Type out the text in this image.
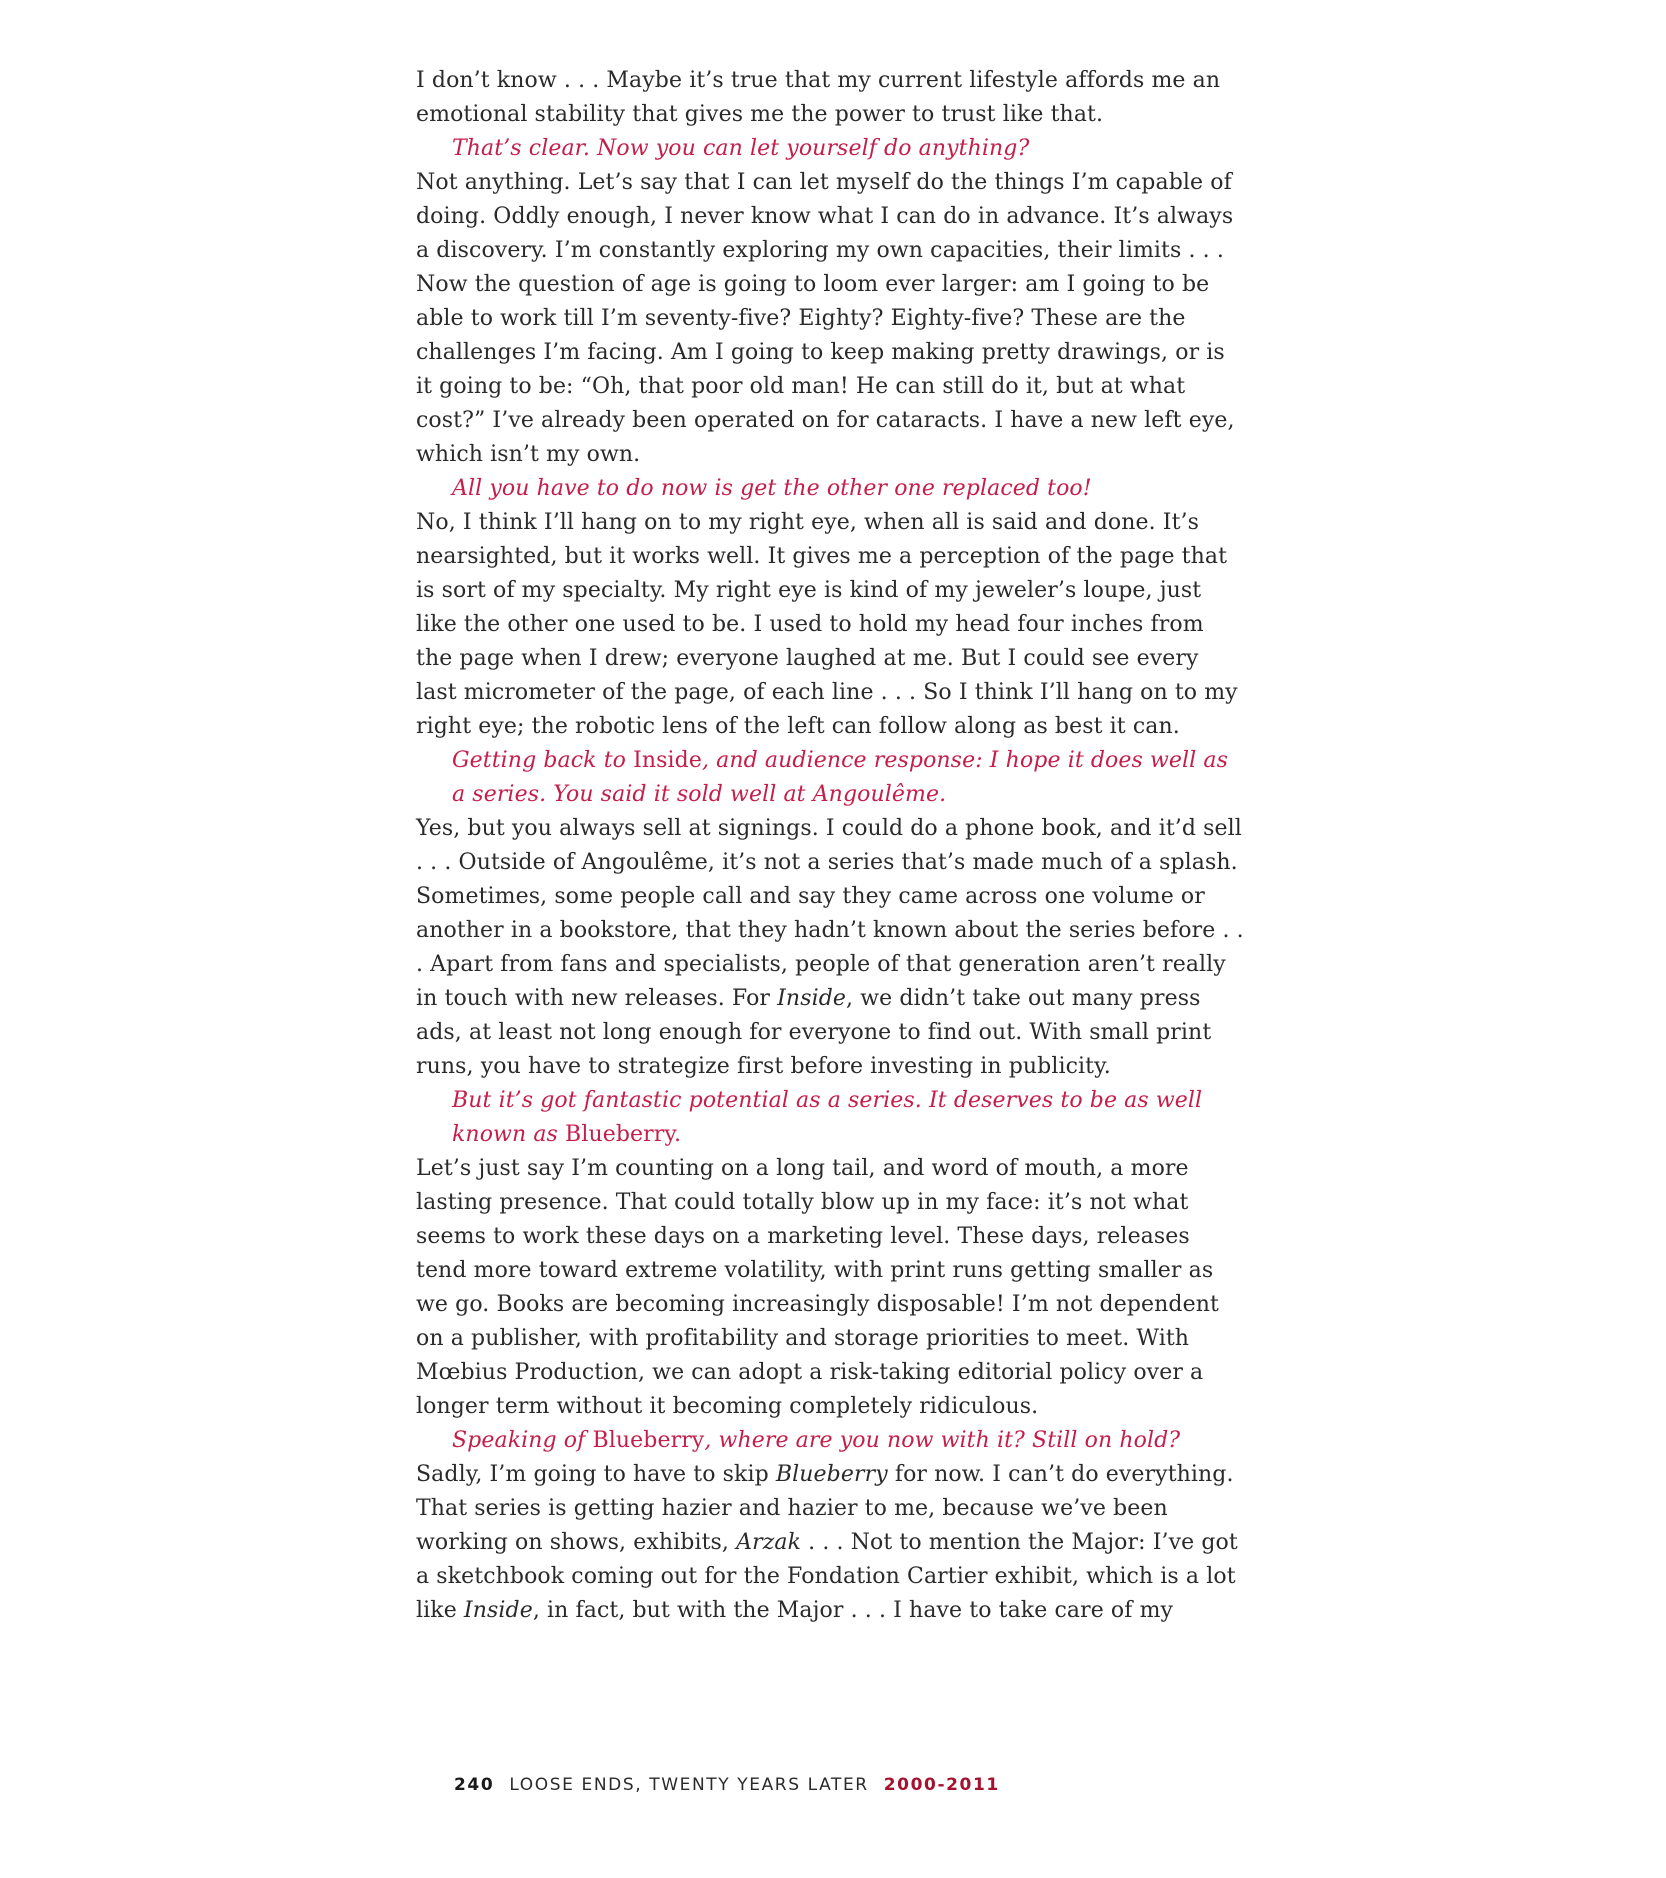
I don’t know . . . Maybe it’s true that my current lifestyle affords me an emotional stability that gives me the power to trust like that.

That’s clear. Now you can let yourself do anything?

Not anything. Let’s say that I can let myself do the things I’m capable of doing. Oddly enough, I never know what I can do in advance. It’s always a discovery. I’m constantly exploring my own capacities, their limits . . . Now the question of age is going to loom ever larger: am I going to be able to work till I’m seventy-five? Eighty? Eighty-five? These are the challenges I’m facing. Am I going to keep making pretty drawings, or is it going to be: “Oh, that poor old man! He can still do it, but at what cost?” I’ve already been operated on for cataracts. I have a new left eye, which isn’t my own.

All you have to do now is get the other one replaced too!

No, I think I’ll hang on to my right eye, when all is said and done. It’s nearsighted, but it works well. It gives me a perception of the page that is sort of my specialty. My right eye is kind of my jeweler’s loupe, just like the other one used to be. I used to hold my head four inches from the page when I drew; everyone laughed at me. But I could see every last micrometer of the page, of each line . . . So I think I’ll hang on to my right eye; the robotic lens of the left can follow along as best it can.

Getting back to Inside, and audience response: I hope it does well as a series. You said it sold well at Angoulême.

Yes, but you always sell at signings. I could do a phone book, and it’d sell . . . Outside of Angoulême, it’s not a series that’s made much of a splash. Sometimes, some people call and say they came across one volume or another in a bookstore, that they hadn’t known about the series before . . . Apart from fans and specialists, people of that generation aren’t really in touch with new releases. For Inside, we didn’t take out many press ads, at least not long enough for everyone to find out. With small print runs, you have to strategize first before investing in publicity.

But it’s got fantastic potential as a series. It deserves to be as well known as Blueberry.

Let’s just say I’m counting on a long tail, and word of mouth, a more lasting presence. That could totally blow up in my face: it’s not what seems to work these days on a marketing level. These days, releases tend more toward extreme volatility, with print runs getting smaller as we go. Books are becoming increasingly disposable! I’m not dependent on a publisher, with profitability and storage priorities to meet. With Mœbius Production, we can adopt a risk-taking editorial policy over a longer term without it becoming completely ridiculous.

Speaking of Blueberry, where are you now with it? Still on hold?

Sadly, I’m going to have to skip Blueberry for now. I can’t do everything. That series is getting hazier and hazier to me, because we’ve been working on shows, exhibits, Arzak . . . Not to mention the Major: I’ve got a sketchbook coming out for the Fondation Cartier exhibit, which is a lot like Inside, in fact, but with the Major . . . I have to take care of my

240 LOOSE ENDS, TWENTY YEARS LATER 2000-2011
